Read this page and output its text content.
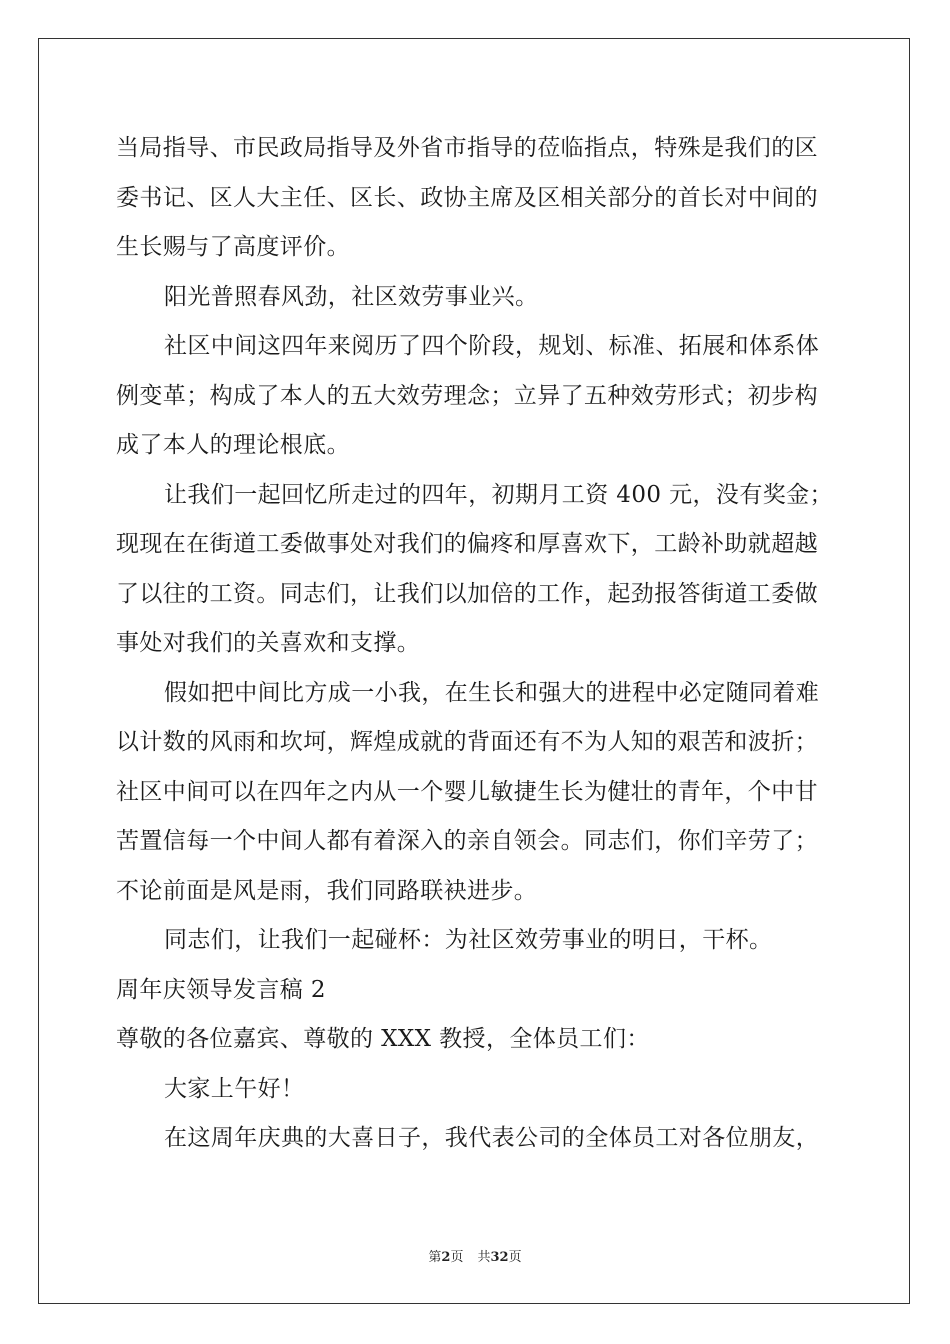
当局指导、市民政局指导及外省市指导的莅临指点，特殊是我们的区
委书记、区人大主任、区长、政协主席及区相关部分的首长对中间的
生长赐与了高度评价。
阳光普照春风劲，社区效劳事业兴。
社区中间这四年来阅历了四个阶段，规划、标准、拓展和体系体
例变革；构成了本人的五大效劳理念；立异了五种效劳形式；初步构
成了本人的理论根底。
让我们一起回忆所走过的四年，初期月工资 400 元，没有奖金；
现现在在街道工委做事处对我们的偏疼和厚喜欢下，工龄补助就超越
了以往的工资。同志们，让我们以加倍的工作，起劲报答街道工委做
事处对我们的关喜欢和支撑。
假如把中间比方成一小我，在生长和强大的进程中必定随同着难
以计数的风雨和坎坷，辉煌成就的背面还有不为人知的艰苦和波折；
社区中间可以在四年之内从一个婴儿敏捷生长为健壮的青年，个中甘
苦置信每一个中间人都有着深入的亲自领会。同志们，你们辛劳了；
不论前面是风是雨，我们同路联袂进步。
同志们，让我们一起碰杯：为社区效劳事业的明日，干杯。
周年庆领导发言稿 2
尊敬的各位嘉宾、尊敬的 XXX 教授，全体员工们：
大家上午好！
在这周年庆典的大喜日子，我代表公司的全体员工对各位朋友，
第2页 共32页
